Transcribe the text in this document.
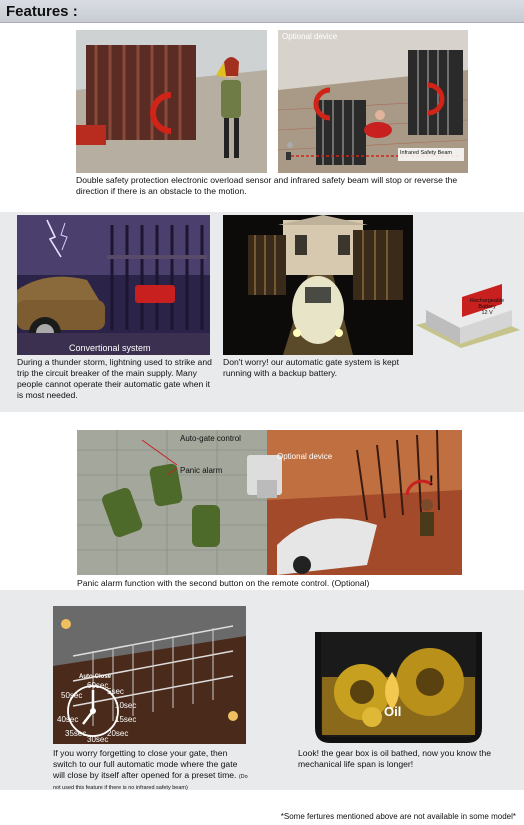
Features :
Optional device
Infrared Safety Beam
Double safety protection electronic overload sensor and infrared safety beam will stop or reverse the direction if there is an obstacle to the motion.
Convertional system
Rechargeable
Battery
12 V
During a thunder storm, lightning used to strike and trip the circuit breaker of the main supply. Many people cannot operate their automatic gate when it is most needed.
Don't worry! our automatic gate system is kept running with a backup battery.
!
Auto-gate control
Panic alarm
Optional device
Panic alarm function with the second button on the remote control. (Optional)
Auto-Close
60sec
5sec
10sec
15sec
20sec
30sec
35sec
40sec
50sec
Oil
If you worry forgetting to close your gate, then switch to our full automatic mode where the gate will close by itself after opened for a preset time. (Do not used this feature if there is no infrared safety beam)
Look! the gear box is oil bathed, now you know the mechanical life span is longer!
*Some fertures mentioned above are not available in some model*
